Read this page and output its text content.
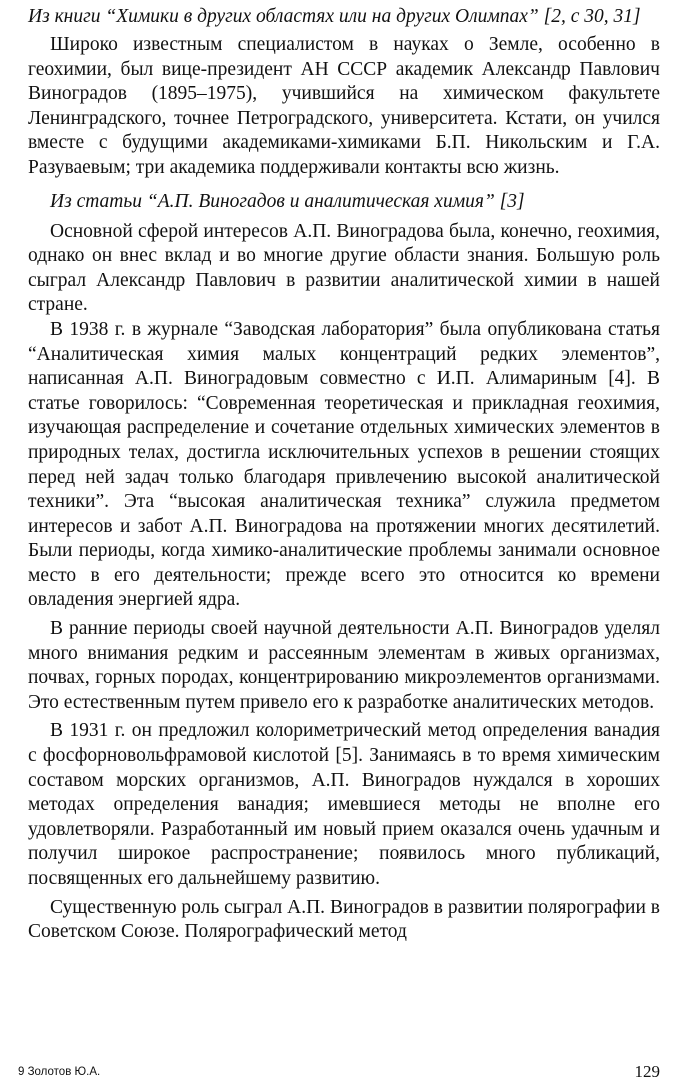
Из книги “Химики в других областях или на других Олимпах” [2, с 30, 31]

Широко известным специалистом в науках о Земле, особенно в геохимии, был вице-президент АН СССР академик Александр Павлович Виноградов (1895–1975), учившийся на химическом факультете Ленинградского, точнее Петроградского, университета. Кстати, он учился вместе с будущими академиками-химиками Б.П. Никольским и Г.А. Разуваевым; три академика поддерживали контакты всю жизнь.

Из статьи “А.П. Виногадов и аналитическая химия” [3]

Основной сферой интересов А.П. Виноградова была, конечно, геохимия, однако он внес вклад и во многие другие области знания. Большую роль сыграл Александр Павлович в развитии аналитической химии в нашей стране.

В 1938 г. в журнале “Заводская лаборатория” была опубликована статья “Аналитическая химия малых концентраций редких элементов”, написанная А.П. Виноградовым совместно с И.П. Алимариным [4]. В статье говорилось: “Современная теоретическая и прикладная геохимия, изучающая распределение и сочетание отдельных химических элементов в природных телах, достигла исключительных успехов в решении стоящих перед ней задач только благодаря привлечению высокой аналитической техники”. Эта “высокая аналитическая техника” служила предметом интересов и забот А.П. Виноградова на протяжении многих десятилетий. Были периоды, когда химико-аналитические проблемы занимали основное место в его деятельности; прежде всего это относится ко времени овладения энергией ядра.

В ранние периоды своей научной деятельности А.П. Виноградов уделял много внимания редким и рассеянным элементам в живых организмах, почвах, горных породах, концентрированию микроэлементов организмами. Это естественным путем привело его к разработке аналитических методов.

В 1931 г. он предложил колориметрический метод определения ванадия с фосфорновольфрамовой кислотой [5]. Занимаясь в то время химическим составом морских организмов, А.П. Виноградов нуждался в хороших методах определения ванадия; имевшиеся методы не вполне его удовлетворяли. Разработанный им новый прием оказался очень удачным и получил широкое распространение; появилось много публикаций, посвященных его дальнейшему развитию.

Существенную роль сыграл А.П. Виноградов в развитии полярографии в Советском Союзе. Полярографический метод

9 Золотов Ю.А.	129
